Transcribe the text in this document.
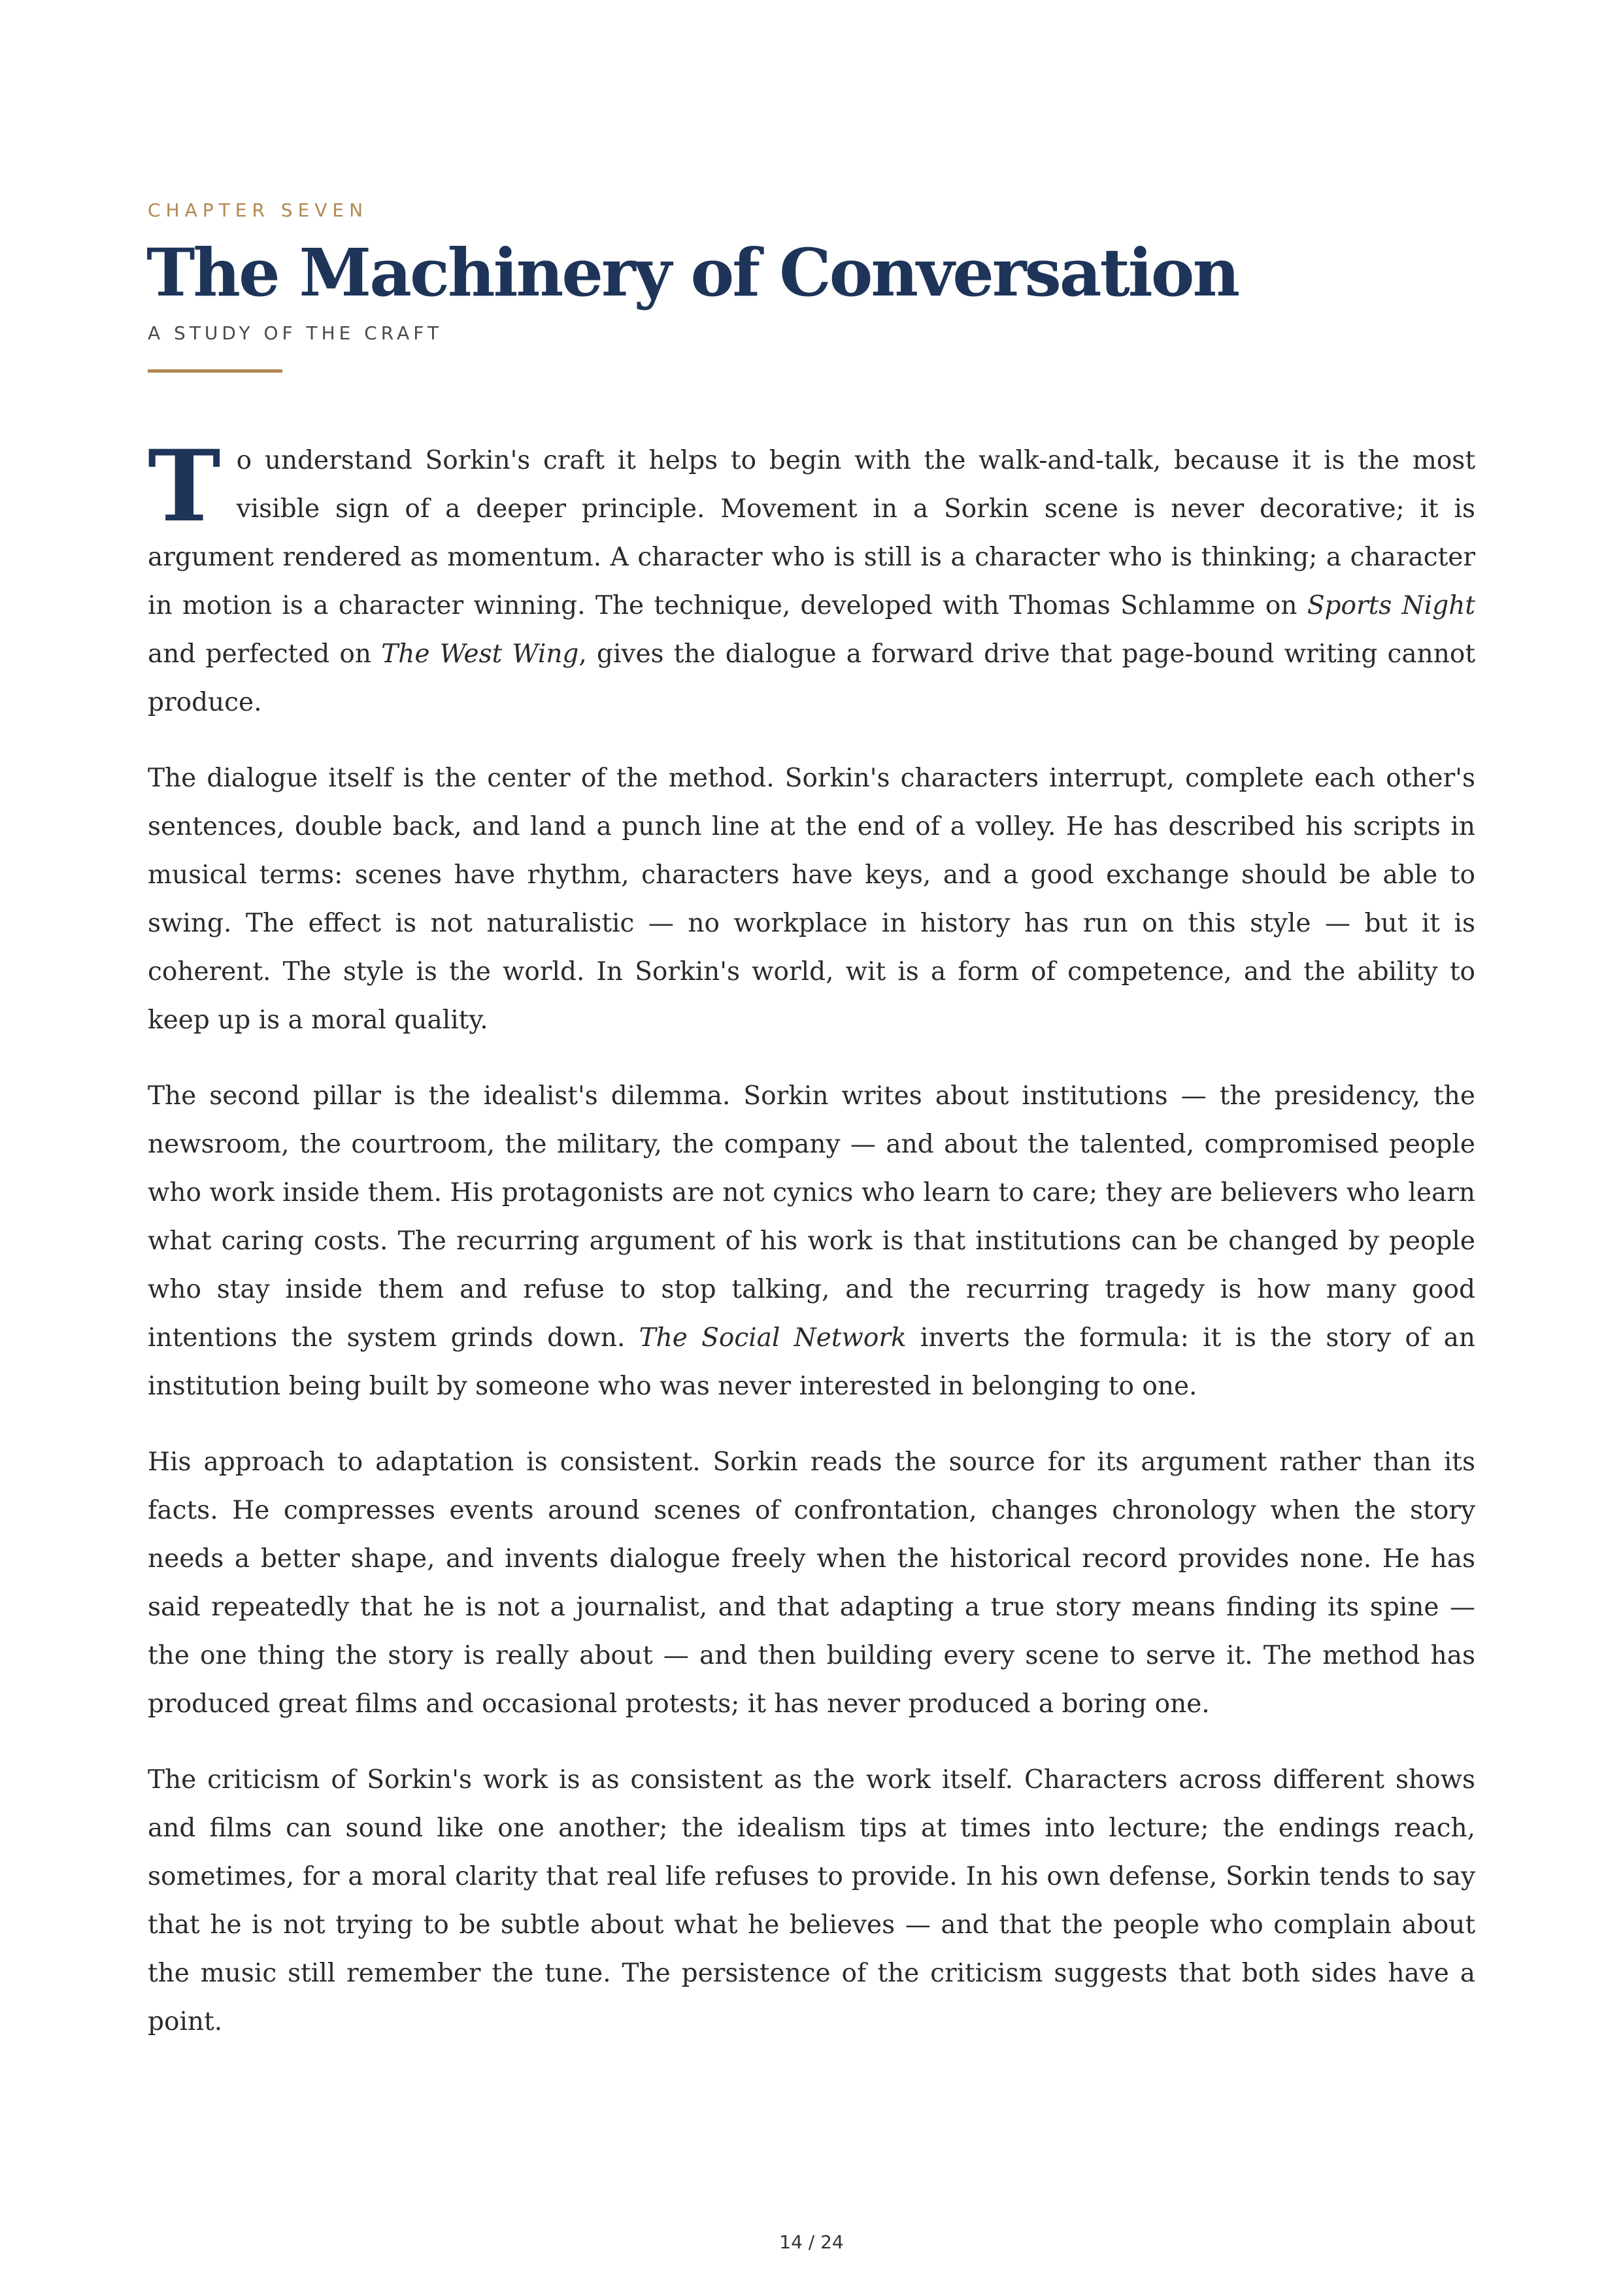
CHAPTER SEVEN

The Machinery of Conversation

A STUDY OF THE CRAFT

To understand Sorkin's craft it helps to begin with the walk-and-talk, because it is the most visible sign of a deeper principle. Movement in a Sorkin scene is never decorative; it is argument rendered as momentum. A character who is still is a character who is thinking; a character in motion is a character winning. The technique, developed with Thomas Schlamme on Sports Night and perfected on The West Wing, gives the dialogue a forward drive that page-bound writing cannot produce.

The dialogue itself is the center of the method. Sorkin's characters interrupt, complete each other's sentences, double back, and land a punch line at the end of a volley. He has described his scripts in musical terms: scenes have rhythm, characters have keys, and a good exchange should be able to swing. The effect is not naturalistic — no workplace in history has run on this style — but it is coherent. The style is the world. In Sorkin's world, wit is a form of competence, and the ability to keep up is a moral quality.

The second pillar is the idealist's dilemma. Sorkin writes about institutions — the presidency, the newsroom, the courtroom, the military, the company — and about the talented, compromised people who work inside them. His protagonists are not cynics who learn to care; they are believers who learn what caring costs. The recurring argument of his work is that institutions can be changed by people who stay inside them and refuse to stop talking, and the recurring tragedy is how many good intentions the system grinds down. The Social Network inverts the formula: it is the story of an institution being built by someone who was never interested in belonging to one.

His approach to adaptation is consistent. Sorkin reads the source for its argument rather than its facts. He compresses events around scenes of confrontation, changes chronology when the story needs a better shape, and invents dialogue freely when the historical record provides none. He has said repeatedly that he is not a journalist, and that adapting a true story means finding its spine — the one thing the story is really about — and then building every scene to serve it. The method has produced great films and occasional protests; it has never produced a boring one.

The criticism of Sorkin's work is as consistent as the work itself. Characters across different shows and films can sound like one another; the idealism tips at times into lecture; the endings reach, sometimes, for a moral clarity that real life refuses to provide. In his own defense, Sorkin tends to say that he is not trying to be subtle about what he believes — and that the people who complain about the music still remember the tune. The persistence of the criticism suggests that both sides have a point.

14 / 24
